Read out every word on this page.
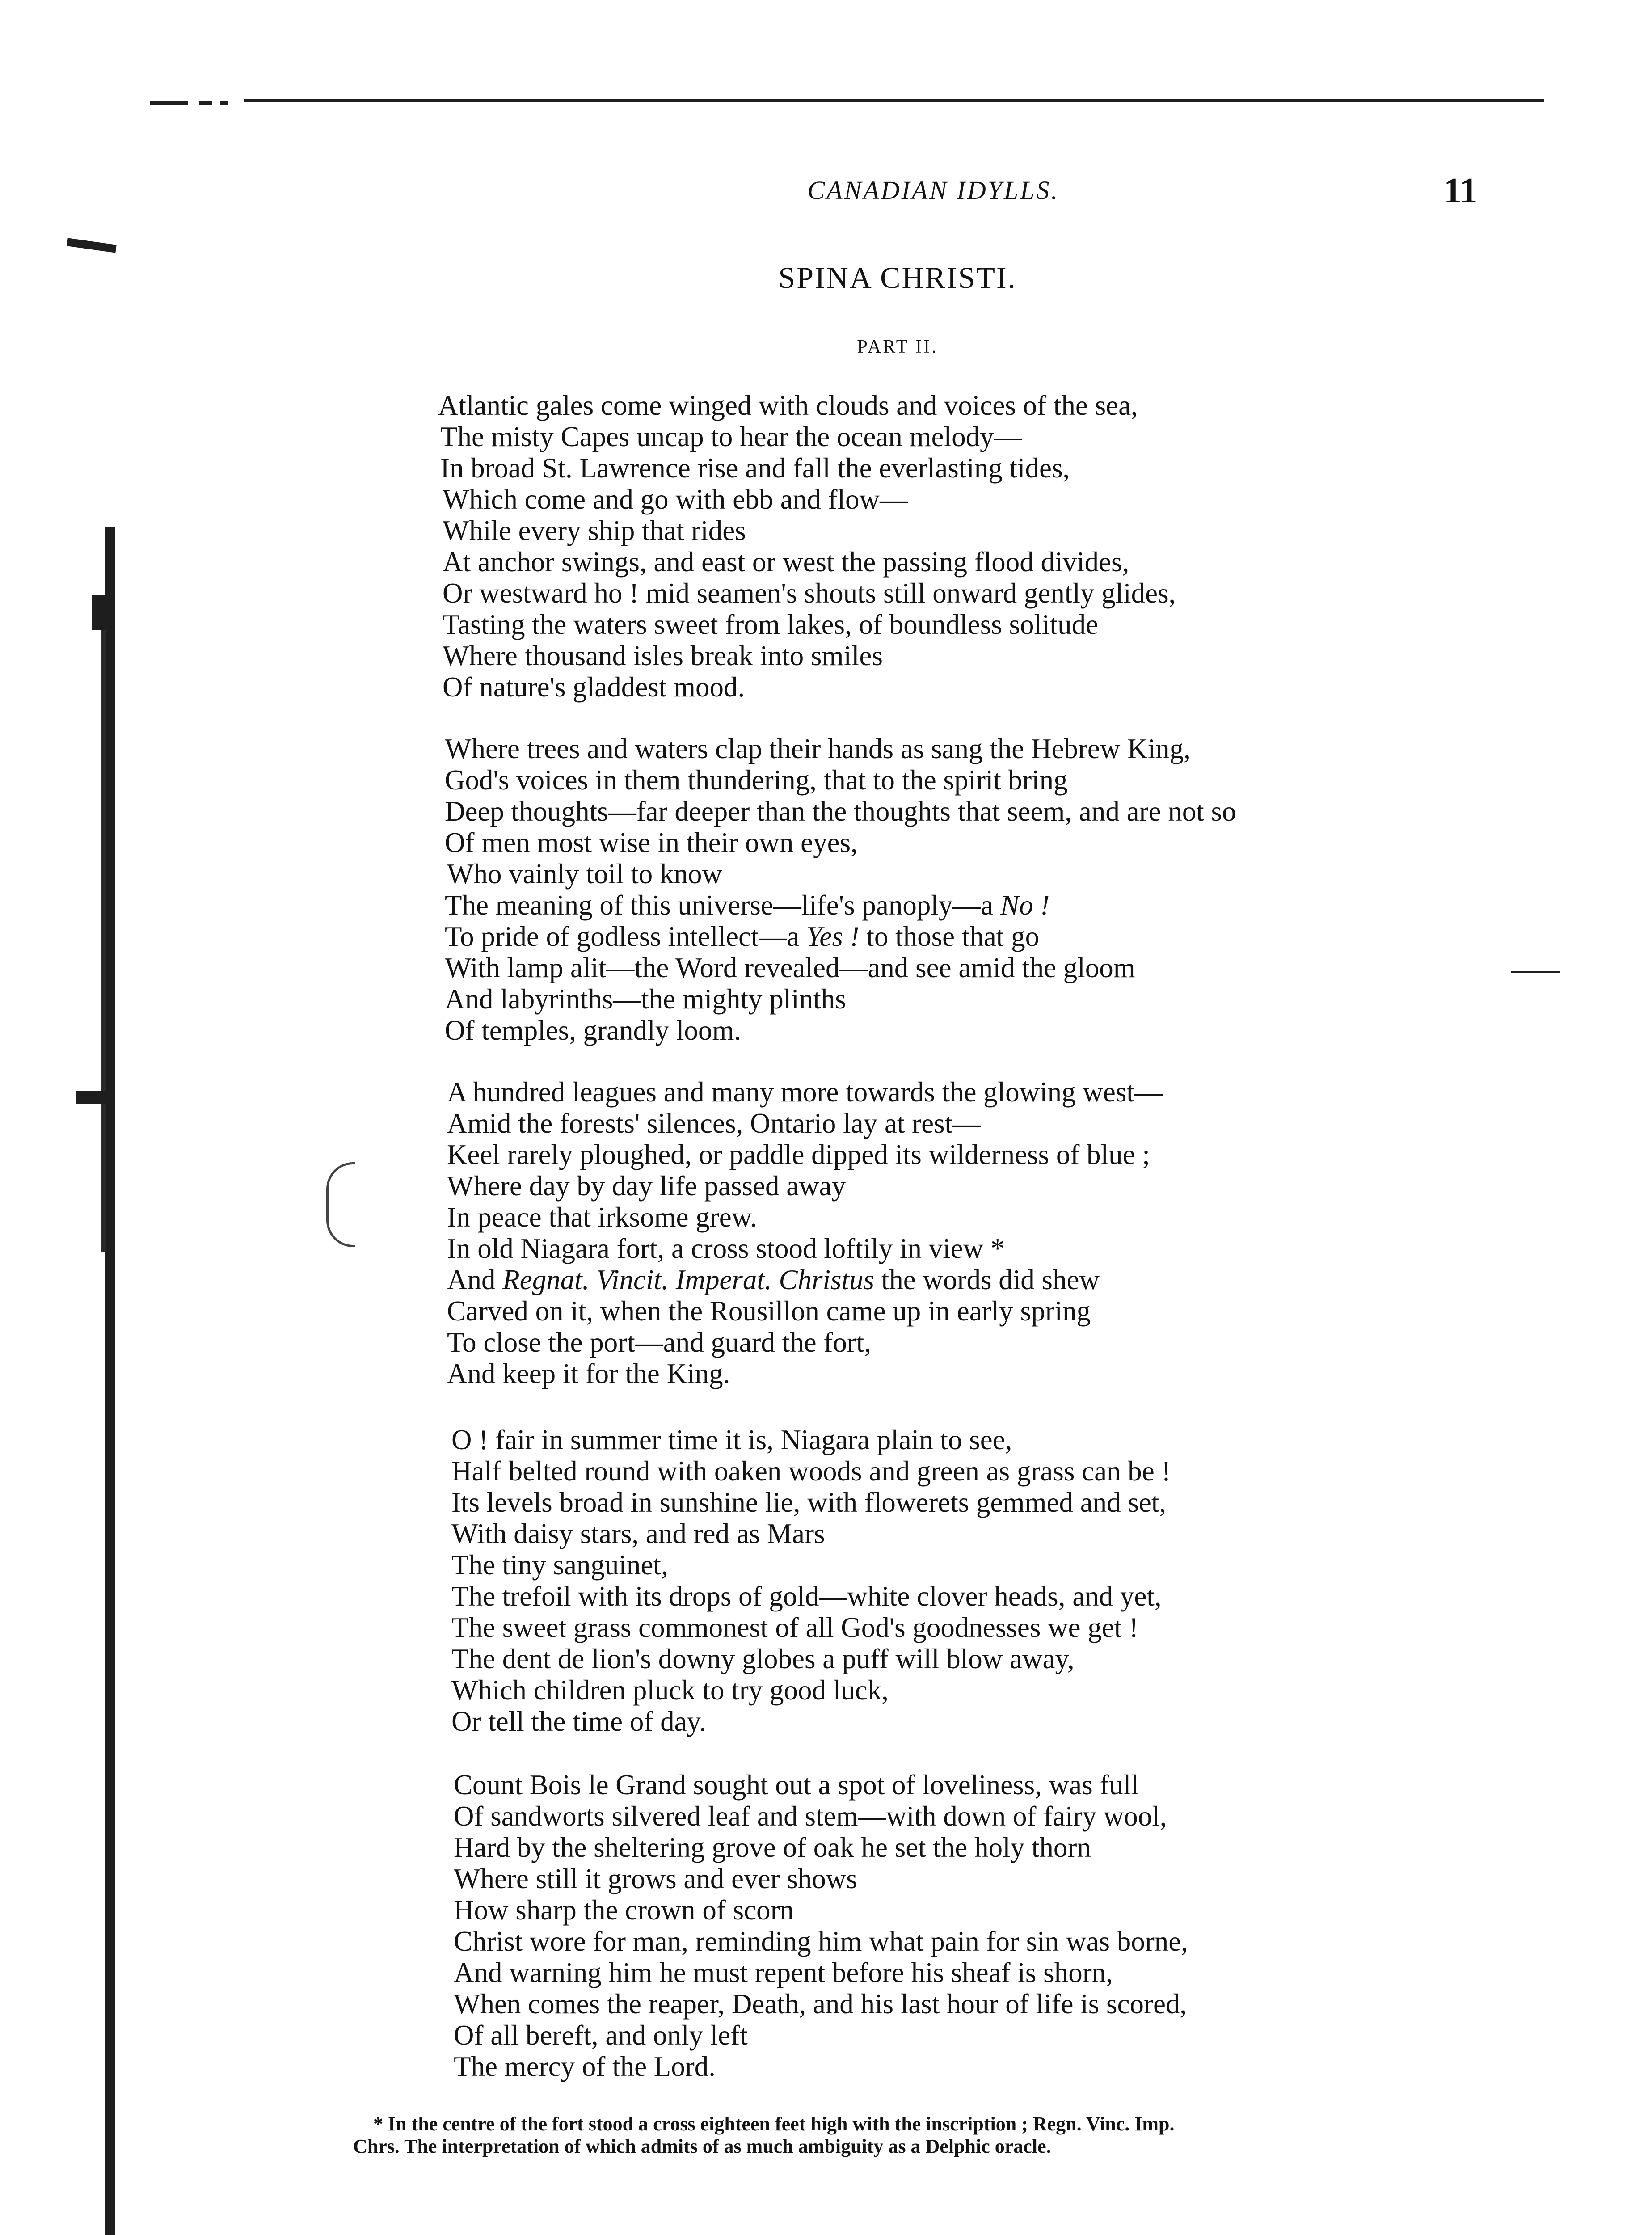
CANADIAN IDYLLS.	11
SPINA CHRISTI.
PART II.
Atlantic gales come winged with clouds and voices of the sea,
The misty Capes uncap to hear the ocean melody—
In broad St. Lawrence rise and fall the everlasting tides,
Which come and go with ebb and flow—
While every ship that rides
At anchor swings, and east or west the passing flood divides,
Or westward ho ! mid seamen's shouts still onward gently glides,
Tasting the waters sweet from lakes, of boundless solitude
Where thousand isles break into smiles
Of nature's gladdest mood.
Where trees and waters clap their hands as sang the Hebrew King,
God's voices in them thundering, that to the spirit bring
Deep thoughts—far deeper than the thoughts that seem, and are not so
Of men most wise in their own eyes,
Who vainly toil to know
The meaning of this universe—life's panoply—a No !
To pride of godless intellect—a Yes ! to those that go
With lamp alit—the Word revealed—and see amid the gloom
And labyrinths—the mighty plinths
Of temples, grandly loom.
A hundred leagues and many more towards the glowing west—
Amid the forests' silences, Ontario lay at rest—
Keel rarely ploughed, or paddle dipped its wilderness of blue ;
Where day by day life passed away
In peace that irksome grew.
In old Niagara fort, a cross stood loftily in view *
And Regnat. Vincit. Imperat. Christus the words did shew
Carved on it, when the Rousillon came up in early spring
To close the port—and guard the fort,
And keep it for the King.
O ! fair in summer time it is, Niagara plain to see,
Half belted round with oaken woods and green as grass can be !
Its levels broad in sunshine lie, with flowerets gemmed and set,
With daisy stars, and red as Mars
The tiny sanguinet,
The trefoil with its drops of gold—white clover heads, and yet,
The sweet grass commonest of all God's goodnesses we get !
The dent de lion's downy globes a puff will blow away,
Which children pluck to try good luck,
Or tell the time of day.
Count Bois le Grand sought out a spot of loveliness, was full
Of sandworts silvered leaf and stem—with down of fairy wool,
Hard by the sheltering grove of oak he set the holy thorn
Where still it grows and ever shows
How sharp the crown of scorn
Christ wore for man, reminding him what pain for sin was borne,
And warning him he must repent before his sheaf is shorn,
When comes the reaper, Death, and his last hour of life is scored,
Of all bereft, and only left
The mercy of the Lord.
* In the centre of the fort stood a cross eighteen feet high with the inscription ; Regn. Vinc. Imp.
Chrs. The interpretation of which admits of as much ambiguity as a Delphic oracle.
